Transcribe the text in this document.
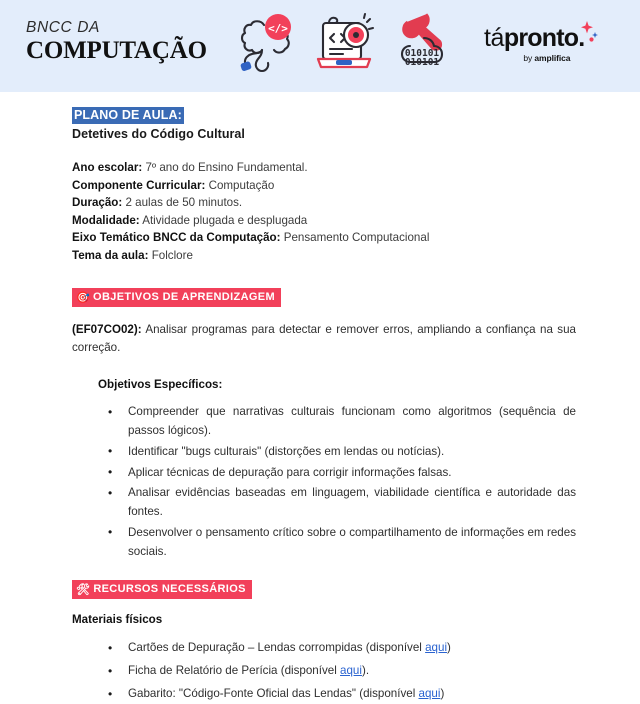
BNCC DA
COMPUTAÇÃO
</>
010101
010101
tápronto.
by amplifica
PLANO DE AULA:
Detetives do Código Cultural
Ano escolar: 7º ano do Ensino Fundamental.
Componente Curricular: Computação
Duração: 2 aulas de 50 minutos.
Modalidade: Atividade plugada e desplugada
Eixo Temático BNCC da Computação: Pensamento Computacional
Tema da aula: Folclore
🎯 OBJETIVOS DE APRENDIZAGEM

(EF07CO02): Analisar programas para detectar e remover erros, ampliando a confiança na sua correção.

Objetivos Específicos:
• Compreender que narrativas culturais funcionam como algoritmos (sequência de passos lógicos).
• Identificar "bugs culturais" (distorções em lendas ou notícias).
• Aplicar técnicas de depuração para corrigir informações falsas.
• Analisar evidências baseadas em linguagem, viabilidade científica e autoridade das fontes.
• Desenvolver o pensamento crítico sobre o compartilhamento de informações em redes sociais.
🛠 RECURSOS NECESSÁRIOS
Materiais físicos
• Cartões de Depuração – Lendas corrompidas (disponível aqui)
• Ficha de Relatório de Perícia (disponível aqui).
• Gabarito: "Código-Fonte Oficial das Lendas" (disponível aqui)
